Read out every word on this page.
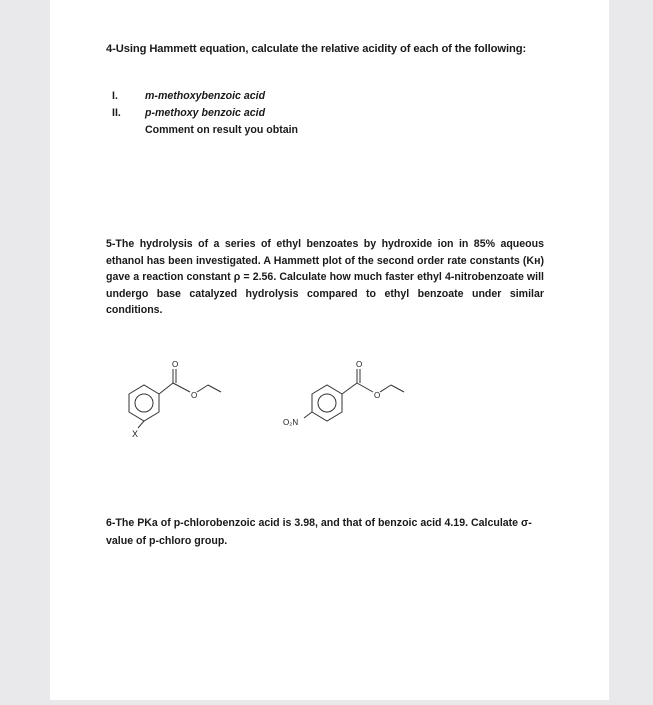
4-Using Hammett equation, calculate the relative acidity of each of the following:
I.	m-methoxybenzoic acid
II. p-methoxy benzoic acid
Comment on result you obtain
5-The hydrolysis of a series of ethyl benzoates by hydroxide ion in 85% aqueous ethanol has been investigated. A Hammett plot of the second order rate constants (Kʜ) gave a reaction constant ρ = 2.56. Calculate how much faster ethyl 4-nitrobenzoate will undergo base catalyzed hydrolysis compared to ethyl benzoate under similar conditions.
O
O
X
O
O
O₂N
6-The PKa of p-chlorobenzoic acid is 3.98, and that of benzoic acid 4.19. Calculate σ-value of p-chloro group.
